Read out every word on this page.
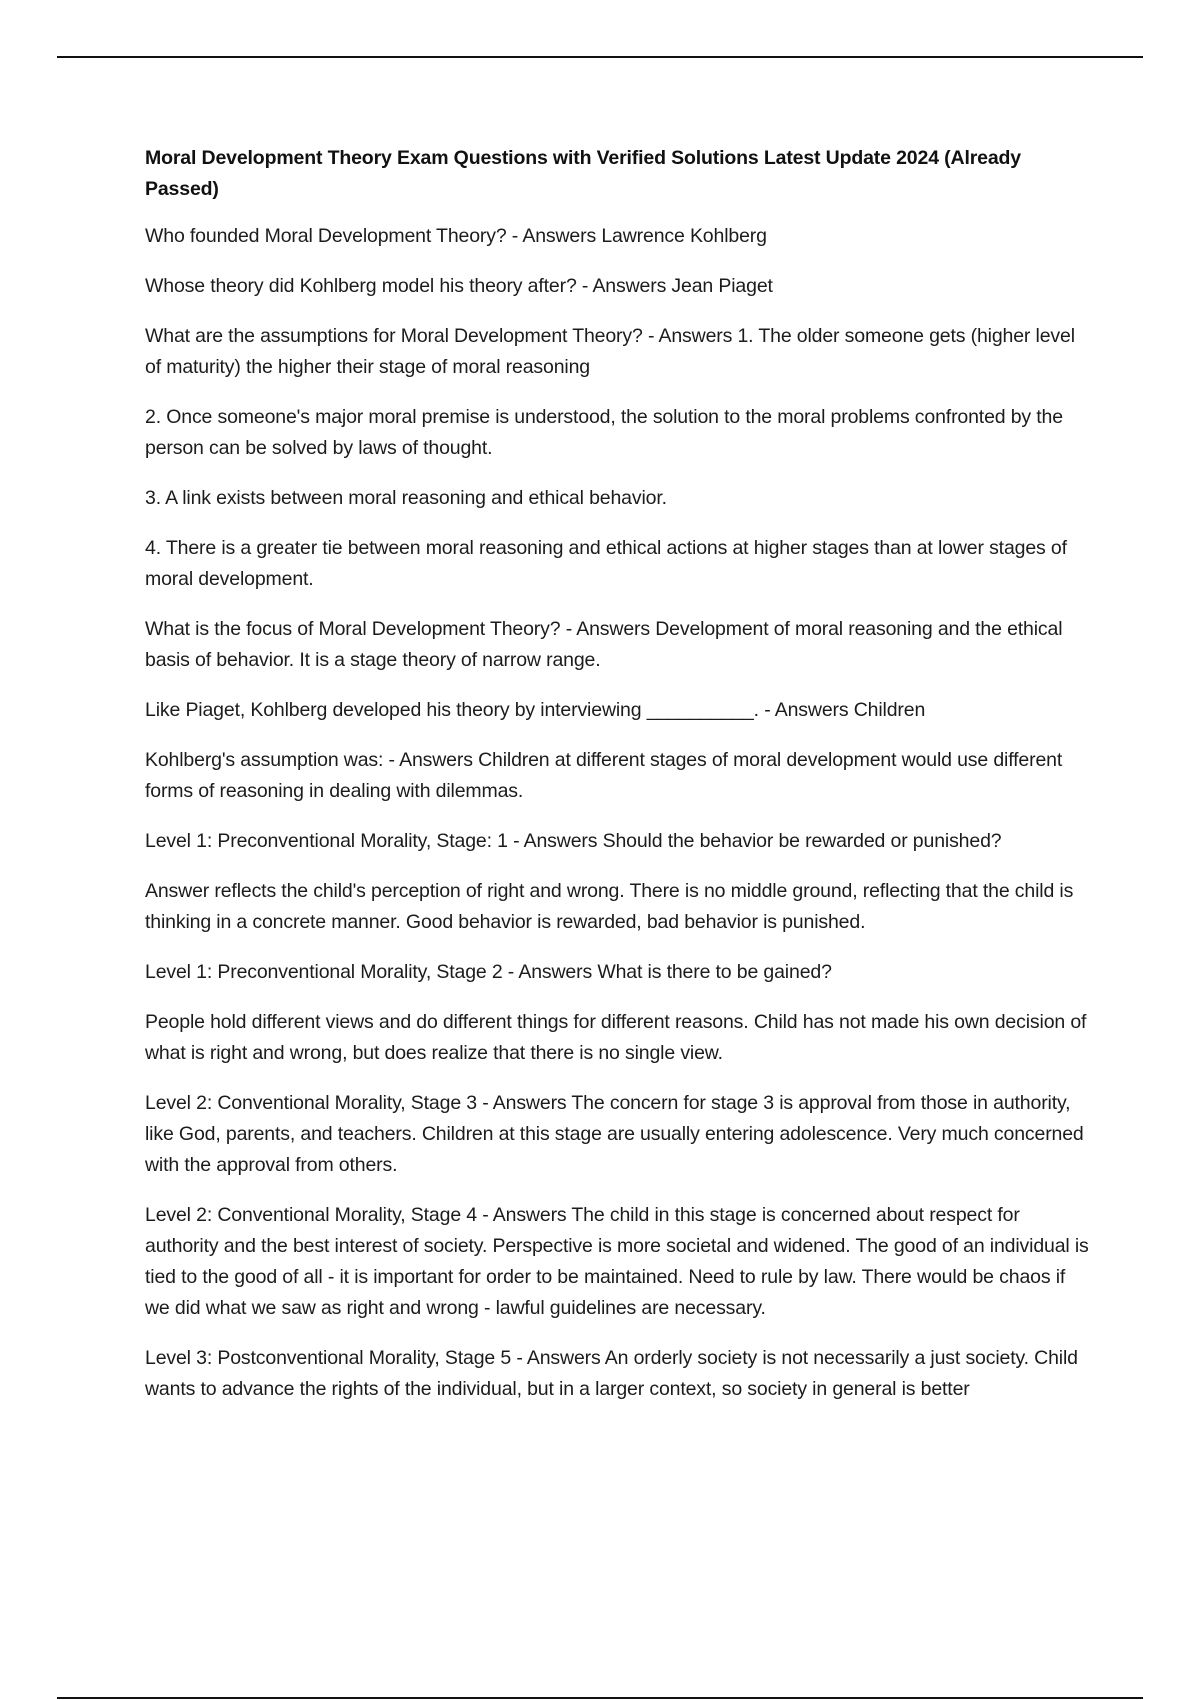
Moral Development Theory Exam Questions with Verified Solutions Latest Update 2024 (Already Passed)

Who founded Moral Development Theory? - Answers Lawrence Kohlberg

Whose theory did Kohlberg model his theory after? - Answers Jean Piaget

What are the assumptions for Moral Development Theory? - Answers 1. The older someone gets (higher level of maturity) the higher their stage of moral reasoning

2. Once someone's major moral premise is understood, the solution to the moral problems confronted by the person can be solved by laws of thought.

3. A link exists between moral reasoning and ethical behavior.

4. There is a greater tie between moral reasoning and ethical actions at higher stages than at lower stages of moral development.

What is the focus of Moral Development Theory? - Answers Development of moral reasoning and the ethical basis of behavior. It is a stage theory of narrow range.

Like Piaget, Kohlberg developed his theory by interviewing __________. - Answers Children

Kohlberg's assumption was: - Answers Children at different stages of moral development would use different forms of reasoning in dealing with dilemmas.

Level 1: Preconventional Morality, Stage: 1 - Answers Should the behavior be rewarded or punished?

Answer reflects the child's perception of right and wrong. There is no middle ground, reflecting that the child is thinking in a concrete manner. Good behavior is rewarded, bad behavior is punished.

Level 1: Preconventional Morality, Stage 2 - Answers What is there to be gained?

People hold different views and do different things for different reasons. Child has not made his own decision of what is right and wrong, but does realize that there is no single view.

Level 2: Conventional Morality, Stage 3 - Answers The concern for stage 3 is approval from those in authority, like God, parents, and teachers. Children at this stage are usually entering adolescence. Very much concerned with the approval from others.

Level 2: Conventional Morality, Stage 4 - Answers The child in this stage is concerned about respect for authority and the best interest of society. Perspective is more societal and widened. The good of an individual is tied to the good of all - it is important for order to be maintained. Need to rule by law. There would be chaos if we did what we saw as right and wrong - lawful guidelines are necessary.

Level 3: Postconventional Morality, Stage 5 - Answers An orderly society is not necessarily a just society. Child wants to advance the rights of the individual, but in a larger context, so society in general is better
